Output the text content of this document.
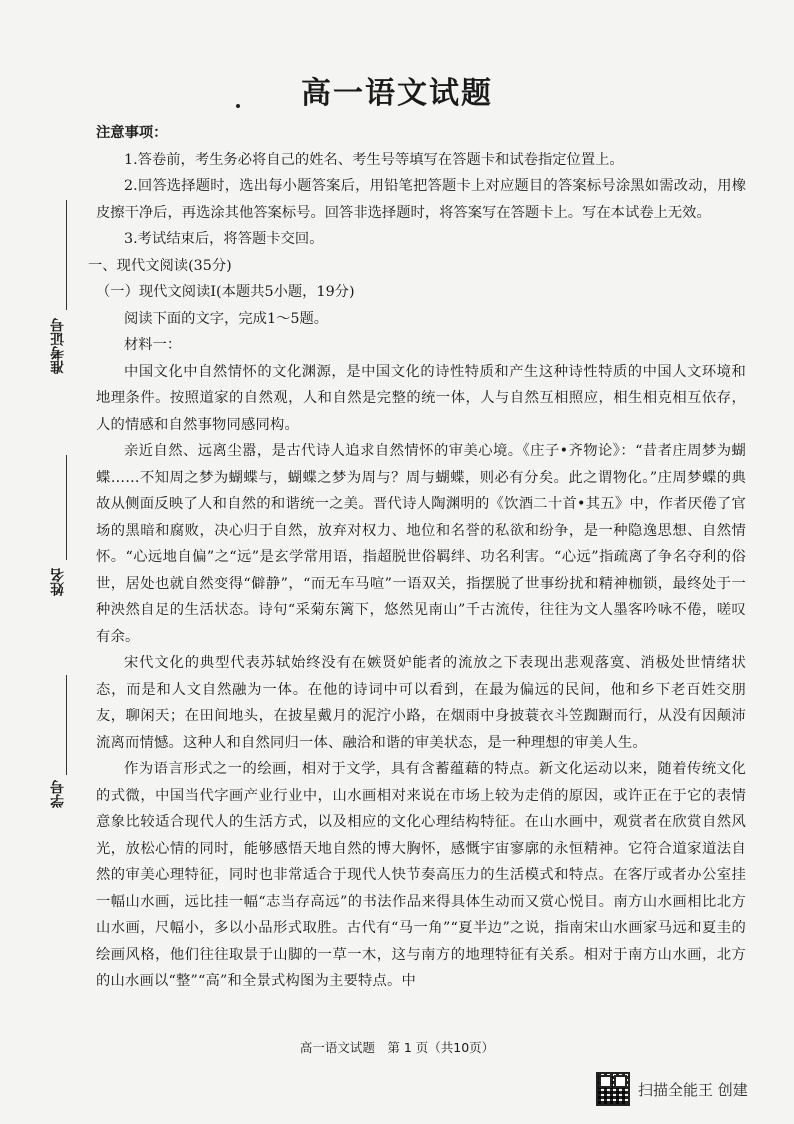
高一语文试题
准考证号
姓名
学号

注意事项：

1.答卷前，考生务必将自己的姓名、考生号等填写在答题卡和试卷指定位置上。

2.回答选择题时，选出每小题答案后，用铅笔把答题卡上对应题目的答案标号涂黑如需改动，用橡皮擦干净后，再选涂其他答案标号。回答非选择题时，将答案写在答题卡上。写在本试卷上无效。

3.考试结束后，将答题卡交回。

一、现代文阅读(35分)

（一）现代文阅读Ⅰ(本题共5小题，19分)

阅读下面的文字，完成1～5题。

材料一：

中国文化中自然情怀的文化渊源，是中国文化的诗性特质和产生这种诗性特质的中国人文环境和地理条件。按照道家的自然观，人和自然是完整的统一体，人与自然互相照应，相生相克相互依存，人的情感和自然事物同感同构。

亲近自然、远离尘嚣，是古代诗人追求自然情怀的审美心境。《庄子•齐物论》：“昔者庄周梦为蝴蝶……不知周之梦为蝴蝶与，蝴蝶之梦为周与？周与蝴蝶，则必有分矣。此之谓物化。”庄周梦蝶的典故从侧面反映了人和自然的和谐统一之美。晋代诗人陶渊明的《饮酒二十首•其五》中，作者厌倦了官场的黑暗和腐败，决心归于自然，放弃对权力、地位和名誉的私欲和纷争，是一种隐逸思想、自然情怀。“心远地自偏”之“远”是玄学常用语，指超脱世俗羁绊、功名利害。“心远”指疏离了争名夺利的俗世，居处也就自然变得“僻静”，“而无车马喧”一语双关，指摆脱了世事纷扰和精神枷锁，最终处于一种泱然自足的生活状态。诗句“采菊东篱下，悠然见南山”千古流传，往往为文人墨客吟咏不倦，嗟叹有余。

宋代文化的典型代表苏轼始终没有在嫉贤妒能者的流放之下表现出悲观落寞、消极处世情绪状态，而是和人文自然融为一体。在他的诗词中可以看到，在最为偏远的民间，他和乡下老百姓交朋友，聊闲天；在田间地头，在披星戴月的泥泞小路，在烟雨中身披蓑衣斗笠踟蹰而行，从没有因颠沛流离而情憾。这种人和自然同归一体、融洽和谐的审美状态，是一种理想的审美人生。

作为语言形式之一的绘画，相对于文学，具有含蓄蕴藉的特点。新文化运动以来，随着传统文化的式微，中国当代字画产业行业中，山水画相对来说在市场上较为走俏的原因，或许正在于它的表情意象比较适合现代人的生活方式，以及相应的文化心理结构特征。在山水画中，观赏者在欣赏自然风光，放松心情的同时，能够感悟天地自然的博大胸怀，感慨宇宙寥廓的永恒精神。它符合道家道法自然的审美心理特征，同时也非常适合于现代人快节奏高压力的生活模式和特点。在客厅或者办公室挂一幅山水画，远比挂一幅“志当存高远”的书法作品来得具体生动而又赏心悦目。南方山水画相比北方山水画，尺幅小，多以小品形式取胜。古代有“马一角”“夏半边”之说，指南宋山水画家马远和夏圭的绘画风格，他们往往取景于山脚的一草一木，这与南方的地理特征有关系。相对于南方山水画，北方的山水画以“整”“高”和全景式构图为主要特点。中

高一语文试题　第 1 页（共10页）
扫描全能王 创建
